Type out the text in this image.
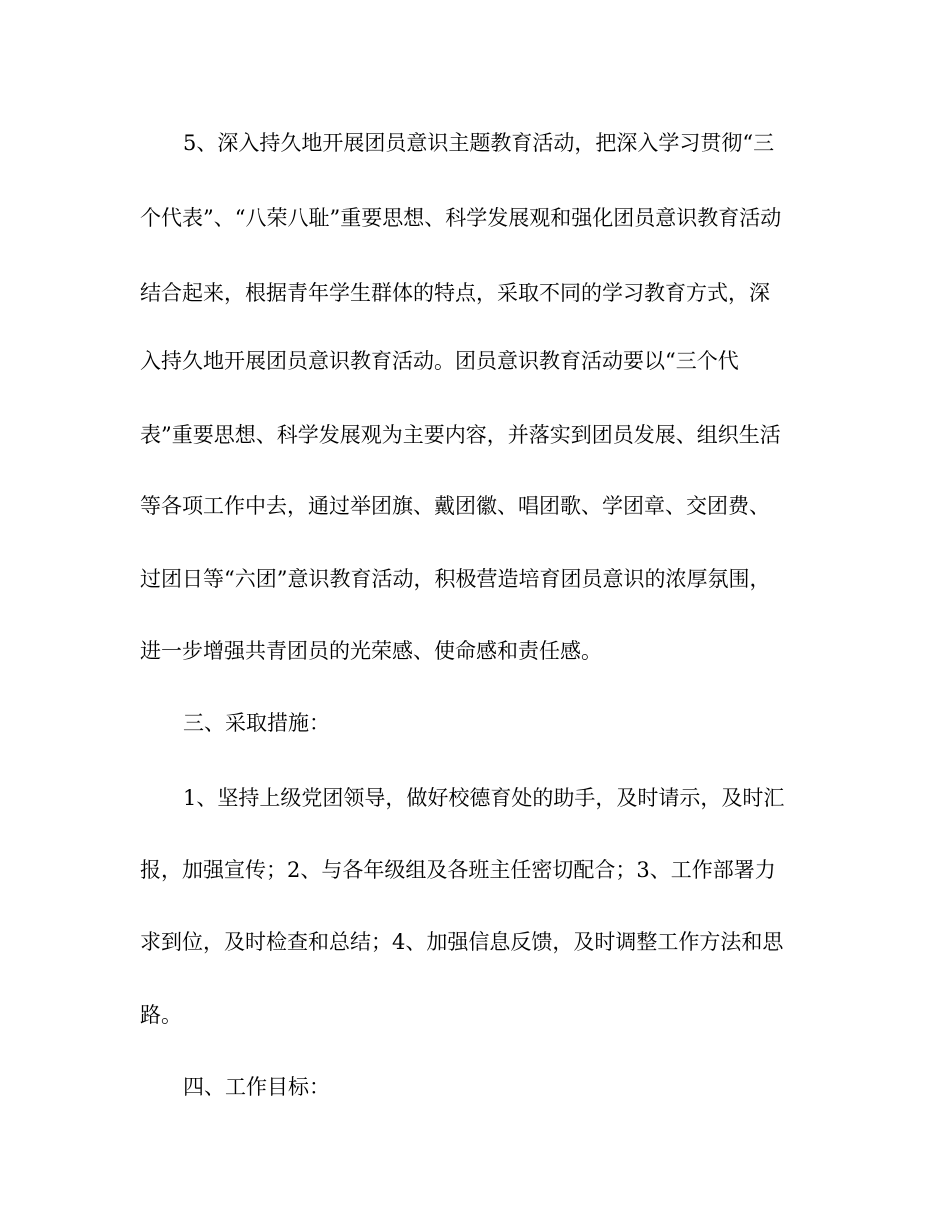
5、深入持久地开展团员意识主题教育活动，把深入学习贯彻“三

个代表”、“八荣八耻”重要思想、科学发展观和强化团员意识教育活动

结合起来，根据青年学生群体的特点，采取不同的学习教育方式，深

入持久地开展团员意识教育活动。团员意识教育活动要以“三个代

表”重要思想、科学发展观为主要内容，并落实到团员发展、组织生活

等各项工作中去，通过举团旗、戴团徽、唱团歌、学团章、交团费、

过团日等“六团”意识教育活动，积极营造培育团员意识的浓厚氛围，

进一步增强共青团员的光荣感、使命感和责任感。

三、采取措施：

1、坚持上级党团领导，做好校德育处的助手，及时请示，及时汇

报，加强宣传；2、与各年级组及各班主任密切配合；3、工作部署力

求到位，及时检查和总结；4、加强信息反馈，及时调整工作方法和思

路。

四、工作目标：
